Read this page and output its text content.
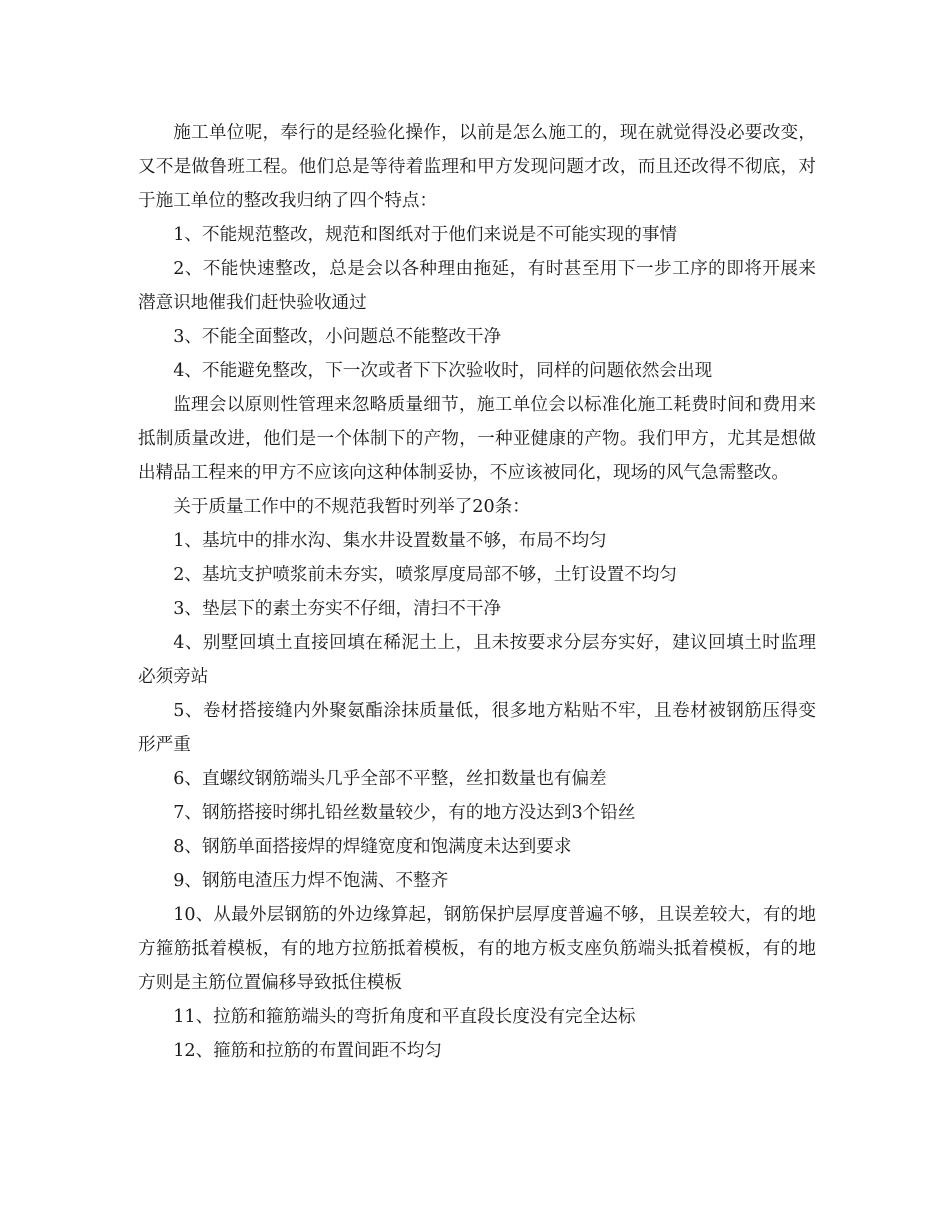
施工单位呢，奉行的是经验化操作，以前是怎么施工的，现在就觉得没必要改变，又不是做鲁班工程。他们总是等待着监理和甲方发现问题才改，而且还改得不彻底，对于施工单位的整改我归纳了四个特点：

1、不能规范整改，规范和图纸对于他们来说是不可能实现的事情

2、不能快速整改，总是会以各种理由拖延，有时甚至用下一步工序的即将开展来潜意识地催我们赶快验收通过

3、不能全面整改，小问题总不能整改干净

4、不能避免整改，下一次或者下下次验收时，同样的问题依然会出现

监理会以原则性管理来忽略质量细节，施工单位会以标准化施工耗费时间和费用来抵制质量改进，他们是一个体制下的产物，一种亚健康的产物。我们甲方，尤其是想做出精品工程来的甲方不应该向这种体制妥协，不应该被同化，现场的风气急需整改。

关于质量工作中的不规范我暂时列举了20条：

1、基坑中的排水沟、集水井设置数量不够，布局不均匀

2、基坑支护喷浆前未夯实，喷浆厚度局部不够，土钉设置不均匀

3、垫层下的素土夯实不仔细，清扫不干净

4、别墅回填土直接回填在稀泥土上，且未按要求分层夯实好，建议回填土时监理必须旁站

5、卷材搭接缝内外聚氨酯涂抹质量低，很多地方粘贴不牢，且卷材被钢筋压得变形严重

6、直螺纹钢筋端头几乎全部不平整，丝扣数量也有偏差

7、钢筋搭接时绑扎铅丝数量较少，有的地方没达到3个铅丝

8、钢筋单面搭接焊的焊缝宽度和饱满度未达到要求

9、钢筋电渣压力焊不饱满、不整齐

10、从最外层钢筋的外边缘算起，钢筋保护层厚度普遍不够，且误差较大，有的地方箍筋抵着模板，有的地方拉筋抵着模板，有的地方板支座负筋端头抵着模板，有的地方则是主筋位置偏移导致抵住模板

11、拉筋和箍筋端头的弯折角度和平直段长度没有完全达标

12、箍筋和拉筋的布置间距不均匀
